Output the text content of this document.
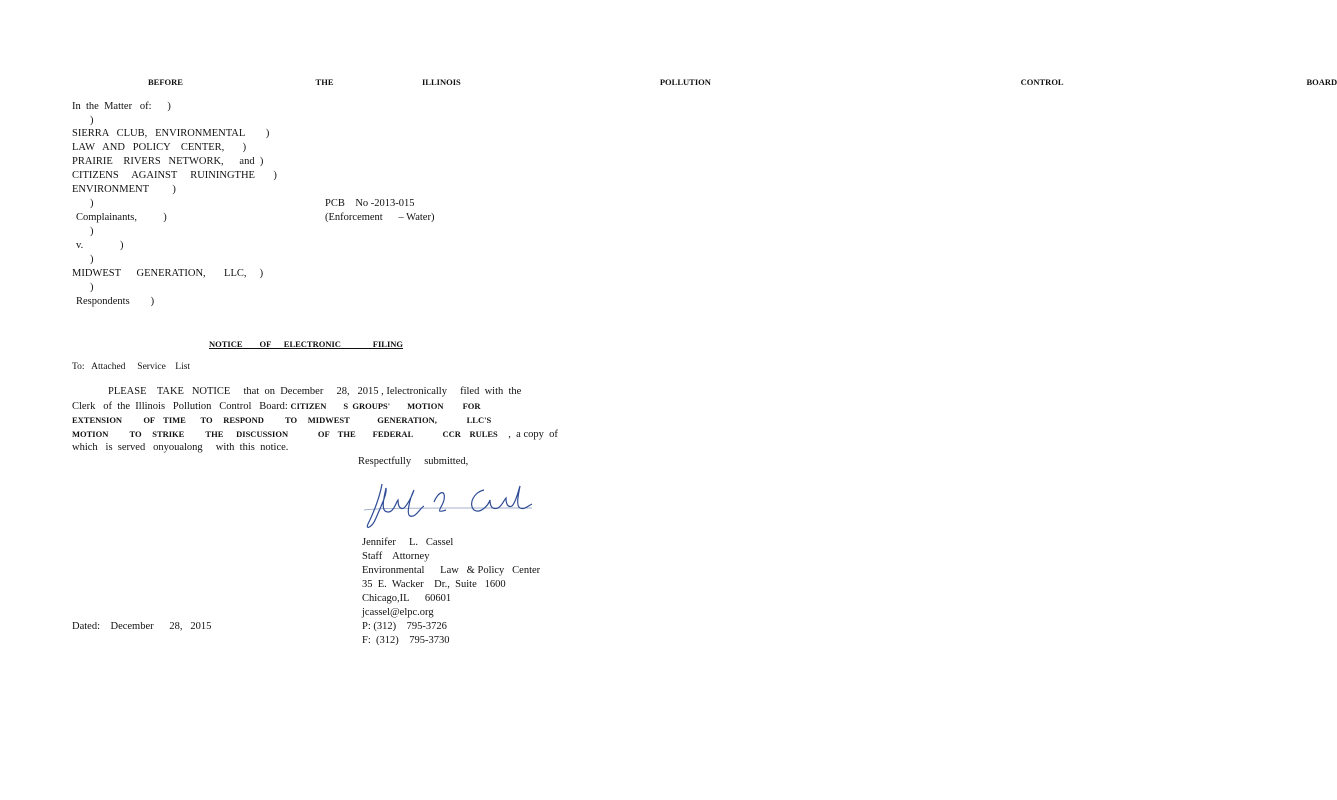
BEFORE      THE    ILLINOIS         POLLUTION              CONTROL           BOARD
In  the  Matter   of:      )
)
SIERRA   CLUB,   ENVIRONMENTAL        )
LAW   AND   POLICY    CENTER,       )
PRAIRIE    RIVERS   NETWORK,      and  )
CITIZENS     AGAINST     RUININGTHE       )
ENVIRONMENT         )
)
Complainants,          )
)
v.              )
)
MIDWEST      GENERATION,       LLC,     )
)
Respondents        )
PCB    No -2013-015
(Enforcement      – Water)
NOTICE        OF      ELECTRONIC               FILING
To:   Attached     Service    List
PLEASE    TAKE   NOTICE     that  on  December     28,   2015 , Ielectronically     filed  with  the
Clerk   of  the  Illinois   Pollution   Control   Board: CITIZEN        S  GROUPS'        MOTION         FOR
EXTENSION          OF    TIME       TO     RESPOND          TO     MIDWEST             GENERATION,              LLC'S
MOTION          TO     STRIKE          THE      DISCUSSION              OF    THE        FEDERAL              CCR    RULES ,  a copy  of
which   is  served   onyoualong     with  this  notice.
Respectfully     submitted,
Jennifer     L.   Cassel
Staff    Attorney
Environmental      Law   & Policy   Center
35  E.  Wacker    Dr.,  Suite   1600
Chicago,IL      60601
jcassel@elpc.org
P: (312)    795-3726
F:  (312)    795-3730
Dated:    December      28,   2015
